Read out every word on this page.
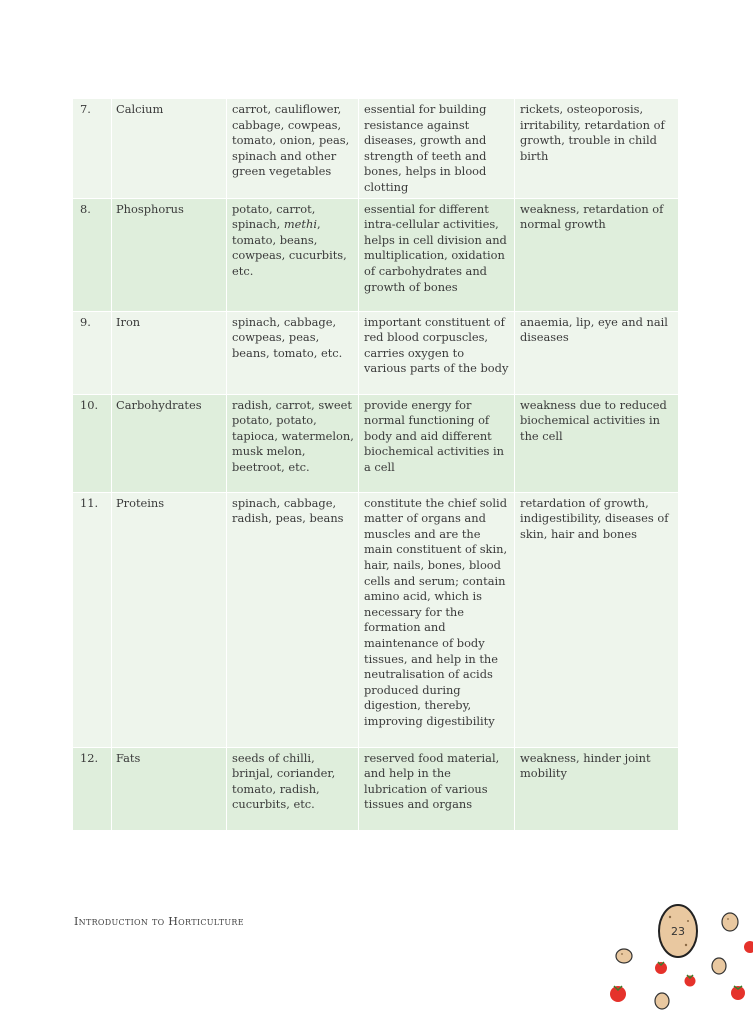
7.	Calcium	carrot, cauliflower, cabbage, cowpeas, tomato, onion, peas, spinach and other green vegetables	essential for building resistance against diseases, growth and strength of teeth and bones, helps in blood clotting	rickets, osteoporosis, irritability, retardation of growth, trouble in child birth
8.	Phosphorus	potato, carrot, spinach, methi, tomato, beans, cowpeas, cucurbits, etc.	essential for different intra-cellular activities, helps in cell division and multiplication, oxidation of carbohydrates and growth of bones	weakness, retardation of normal growth
9.	Iron	spinach, cabbage, cowpeas, peas, beans, tomato, etc.	important constituent of red blood corpuscles, carries oxygen to various parts of the body	anaemia, lip, eye and nail diseases
10.	Carbohydrates	radish, carrot, sweet potato, potato, tapioca, watermelon, musk melon, beetroot, etc.	provide energy for normal functioning of body and aid different biochemical activities in a cell	weakness due to reduced biochemical activities in the cell
11.	Proteins	spinach, cabbage, radish, peas, beans	constitute the chief solid matter of organs and muscles and are the main constituent of skin, hair, nails, bones, blood cells and serum; contain amino acid, which is necessary for the formation and maintenance of body tissues, and help in the neutralisation of acids produced during digestion, thereby, improving digestibility	retardation of growth, indigestibility, diseases of skin, hair and bones
12.	Fats	seeds of chilli, brinjal, coriander, tomato, radish, cucurbits, etc.	reserved food material, and help in the lubrication of various tissues and organs	weakness, hinder joint mobility
Introduction to Horticulture
23
